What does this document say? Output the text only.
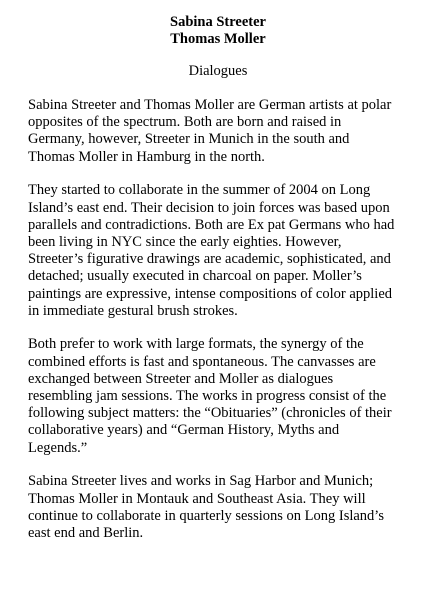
Sabina Streeter
Thomas Moller
Dialogues

Sabina Streeter and Thomas Moller are German artists at polar
opposites of the spectrum. Both are born and raised in
Germany, however, Streeter in Munich in the south and
Thomas Moller in Hamburg in the north.

They started to collaborate in the summer of 2004 on Long
Island’s east end. Their decision to join forces was based upon
parallels and contradictions. Both are Ex pat Germans who had
been living in NYC since the early eighties. However,
Streeter’s figurative drawings are academic, sophisticated, and
detached; usually executed in charcoal on paper. Moller’s
paintings are expressive, intense compositions of color applied
in immediate gestural brush strokes.

Both prefer to work with large formats, the synergy of the
combined efforts is fast and spontaneous. The canvasses are
exchanged between Streeter and Moller as dialogues
resembling jam sessions. The works in progress consist of the
following subject matters: the “Obituaries” (chronicles of their
collaborative years) and “German History, Myths and
Legends.”

Sabina Streeter lives and works in Sag Harbor and Munich;
Thomas Moller in Montauk and Southeast Asia. They will
continue to collaborate in quarterly sessions on Long Island’s
east end and Berlin.
